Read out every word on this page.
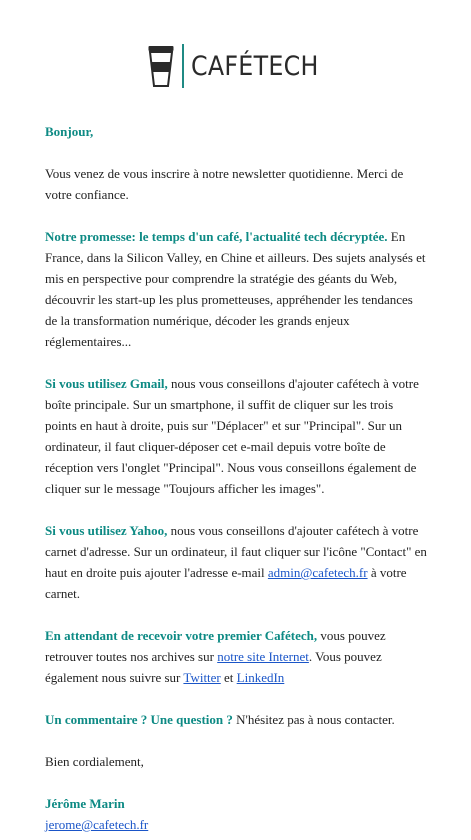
CAFÉTECH

Bonjour,

Vous venez de vous inscrire à notre newsletter quotidienne. Merci de votre confiance.

Notre promesse: le temps d'un café, l'actualité tech décryptée. En France, dans la Silicon Valley, en Chine et ailleurs. Des sujets analysés et mis en perspective pour comprendre la stratégie des géants du Web, découvrir les start-up les plus prometteuses, appréhender les tendances de la transformation numérique, décoder les grands enjeux réglementaires...

Si vous utilisez Gmail, nous vous conseillons d'ajouter cafétech à votre boîte principale. Sur un smartphone, il suffit de cliquer sur les trois points en haut à droite, puis sur "Déplacer" et sur "Principal". Sur un ordinateur, il faut cliquer-déposer cet e-mail depuis votre boîte de réception vers l'onglet "Principal". Nous vous conseillons également de cliquer sur le message "Toujours afficher les images".

Si vous utilisez Yahoo, nous vous conseillons d'ajouter cafétech à votre carnet d'adresse. Sur un ordinateur, il faut cliquer sur l'icône "Contact" en haut en droite puis ajouter l'adresse e-mail admin@cafetech.fr à votre carnet.

En attendant de recevoir votre premier Cafétech, vous pouvez retrouver toutes nos archives sur notre site Internet. Vous pouvez également nous suivre sur Twitter et LinkedIn

Un commentaire ? Une question ? N'hésitez pas à nous contacter.

Bien cordialement,

Jérôme Marin
jerome@cafetech.fr
